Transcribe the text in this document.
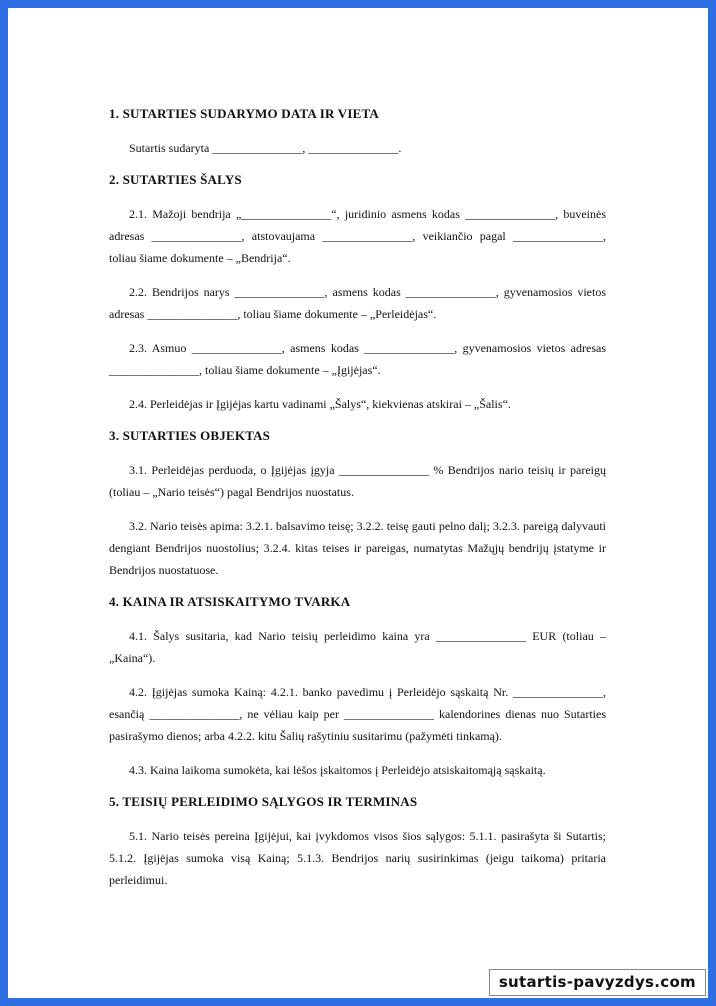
1. SUTARTIES SUDARYMO DATA IR VIETA

Sutartis sudaryta _______________, _______________.

2. SUTARTIES ŠALYS

2.1. Mažoji bendrija „_______________“, juridinio asmens kodas _______________, buveinės adresas _______________, atstovaujama _______________, veikiančio pagal _______________, toliau šiame dokumente – „Bendrija“.

2.2. Bendrijos narys _______________, asmens kodas _______________, gyvenamosios vietos adresas _______________, toliau šiame dokumente – „Perleidėjas“.

2.3. Asmuo _______________, asmens kodas _______________, gyvenamosios vietos adresas _______________, toliau šiame dokumente – „Įgijėjas“.

2.4. Perleidėjas ir Įgijėjas kartu vadinami „Šalys“, kiekvienas atskirai – „Šalis“.

3. SUTARTIES OBJEKTAS

3.1. Perleidėjas perduoda, o Įgijėjas įgyja _______________ % Bendrijos nario teisių ir pareigų (toliau – „Nario teisės“) pagal Bendrijos nuostatus.

3.2. Nario teisės apima: 3.2.1. balsavimo teisę; 3.2.2. teisę gauti pelno dalį; 3.2.3. pareigą dalyvauti dengiant Bendrijos nuostolius; 3.2.4. kitas teises ir pareigas, numatytas Mažųjų bendrijų įstatyme ir Bendrijos nuostatuose.

4. KAINA IR ATSISKAITYMO TVARKA

4.1. Šalys susitaria, kad Nario teisių perleidimo kaina yra _______________ EUR (toliau – „Kaina“).

4.2. Įgijėjas sumoka Kainą: 4.2.1. banko pavedimu į Perleidėjo sąskaitą Nr. _______________, esančią _______________, ne vėliau kaip per _______________ kalendorines dienas nuo Sutarties pasirašymo dienos; arba 4.2.2. kitu Šalių rašytiniu susitarimu (pažymėti tinkamą).

4.3. Kaina laikoma sumokėta, kai lėšos įskaitomos į Perleidėjo atsiskaitomąją sąskaitą.

5. TEISIŲ PERLEIDIMO SĄLYGOS IR TERMINAS

5.1. Nario teisės pereina Įgijėjui, kai įvykdomos visos šios sąlygos: 5.1.1. pasirašyta ši Sutartis; 5.1.2. Įgijėjas sumoka visą Kainą; 5.1.3. Bendrijos narių susirinkimas (jeigu taikoma) pritaria perleidimui.

sutartis-pavyzdys.com
